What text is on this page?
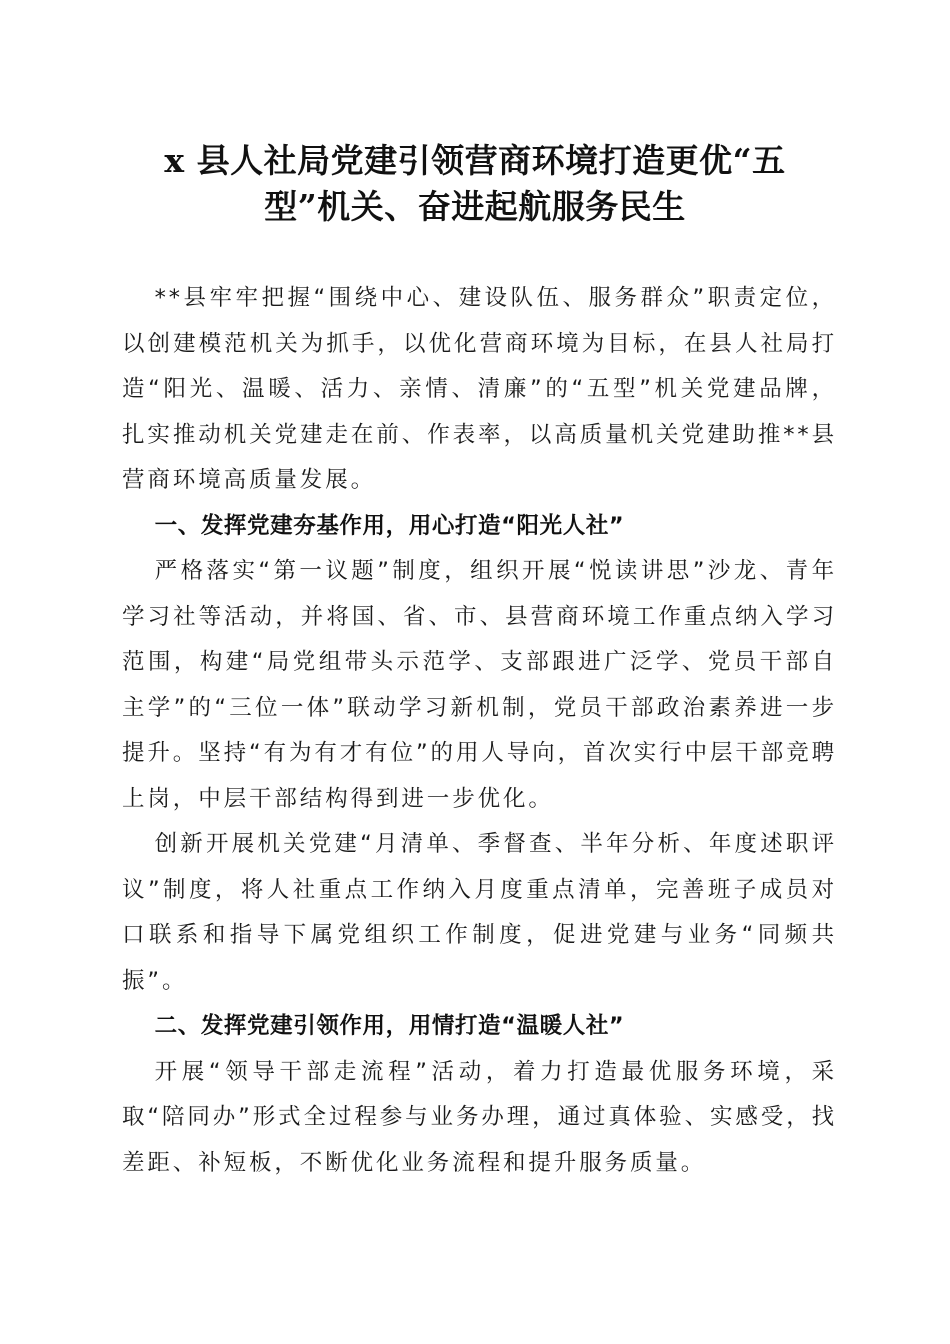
x 县人社局党建引领营商环境打造更优“五
型”机关、奋进起航服务民生

**县牢牢把握“围绕中心、建设队伍、服务群众”职责定位，以创建模范机关为抓手，以优化营商环境为目标，在县人社局打造“阳光、温暖、活力、亲情、清廉”的“五型”机关党建品牌，扎实推动机关党建走在前、作表率，以高质量机关党建助推**县营商环境高质量发展。

一、发挥党建夯基作用，用心打造“阳光人社”

严格落实“第一议题”制度，组织开展“悦读讲思”沙龙、青年学习社等活动，并将国、省、市、县营商环境工作重点纳入学习范围，构建“局党组带头示范学、支部跟进广泛学、党员干部自主学”的“三位一体”联动学习新机制，党员干部政治素养进一步提升。坚持“有为有才有位”的用人导向，首次实行中层干部竞聘上岗，中层干部结构得到进一步优化。

创新开展机关党建“月清单、季督查、半年分析、年度述职评议”制度，将人社重点工作纳入月度重点清单，完善班子成员对口联系和指导下属党组织工作制度，促进党建与业务“同频共振”。

二、发挥党建引领作用，用情打造“温暖人社”

开展“领导干部走流程”活动，着力打造最优服务环境，采取“陪同办”形式全过程参与业务办理，通过真体验、实感受，找差距、补短板，不断优化业务流程和提升服务质量。
